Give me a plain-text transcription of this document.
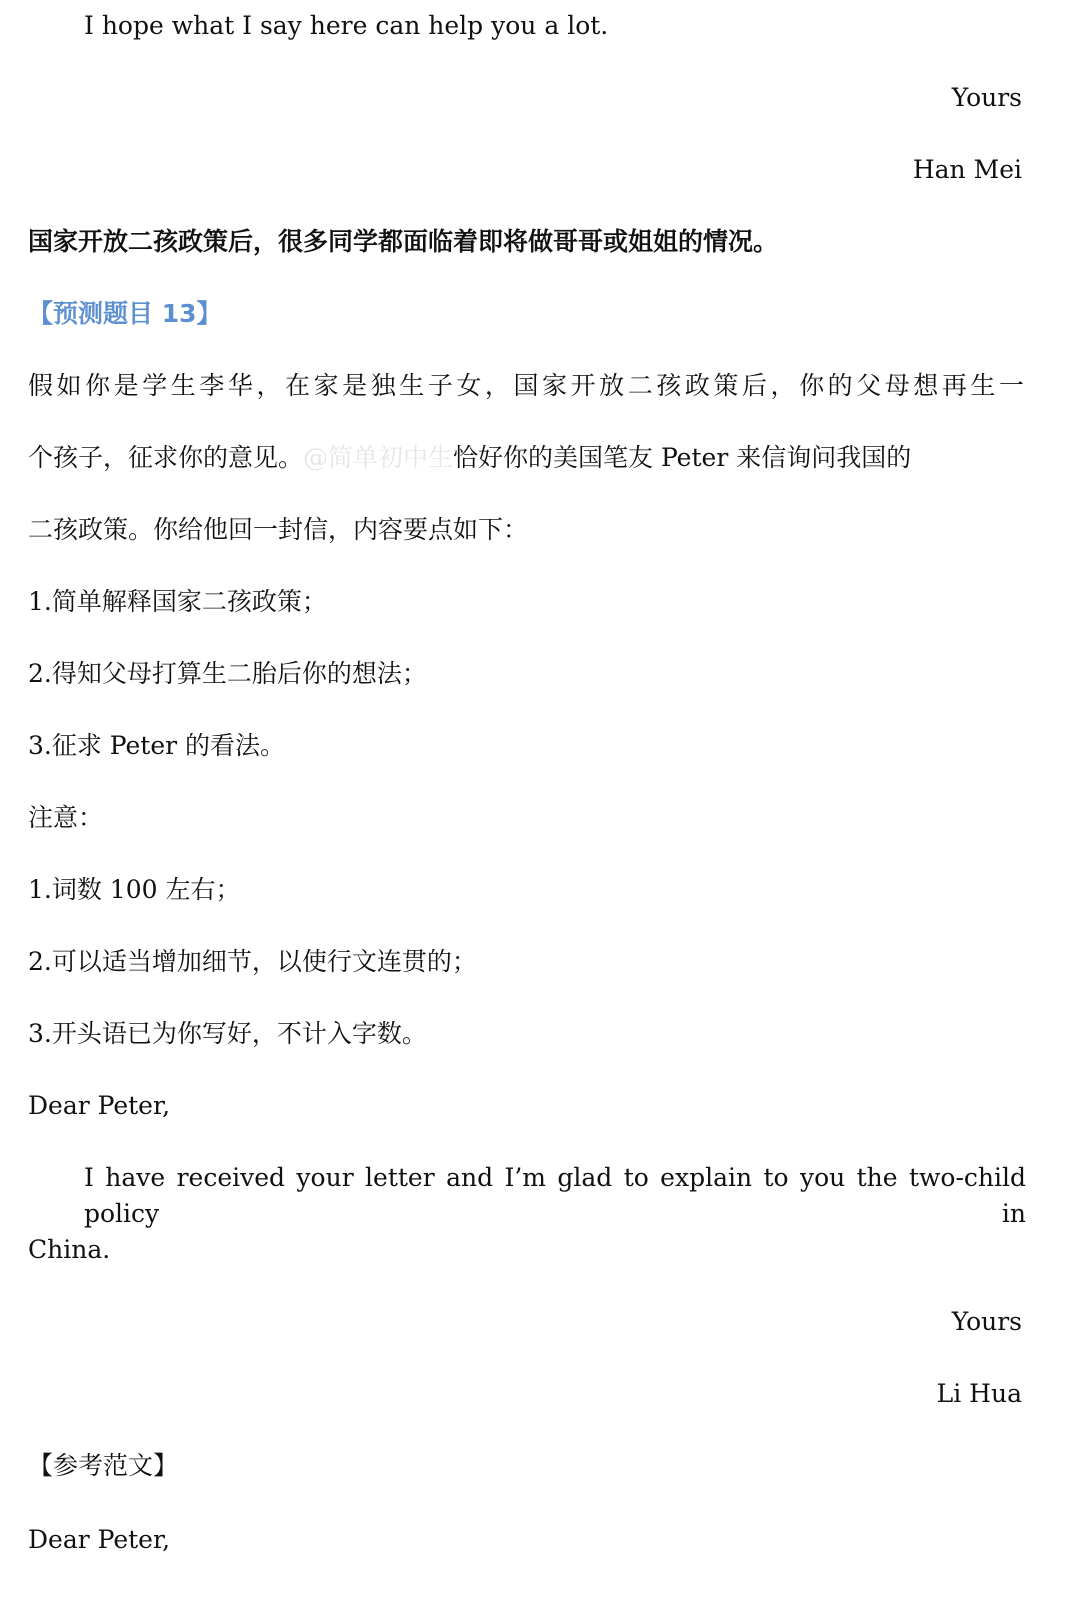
I hope what I say here can help you a lot.
Yours
Han Mei
国家开放二孩政策后，很多同学都面临着即将做哥哥或姐姐的情况。
【预测题目 13】
假如你是学生李华，在家是独生子女，国家开放二孩政策后，你的父母想再生一
个孩子，征求你的意见。@简单初中生恰好你的美国笔友 Peter 来信询问我国的
二孩政策。你给他回一封信，内容要点如下：
1.简单解释国家二孩政策；
2.得知父母打算生二胎后你的想法；
3.征求 Peter 的看法。
注意：
1.词数 100 左右；
2.可以适当增加细节，以使行文连贯的；
3.开头语已为你写好，不计入字数。
Dear Peter,
I have received your letter and I’m glad to explain to you the two-child policy in
China.
Yours
Li Hua
【参考范文】
Dear Peter,
